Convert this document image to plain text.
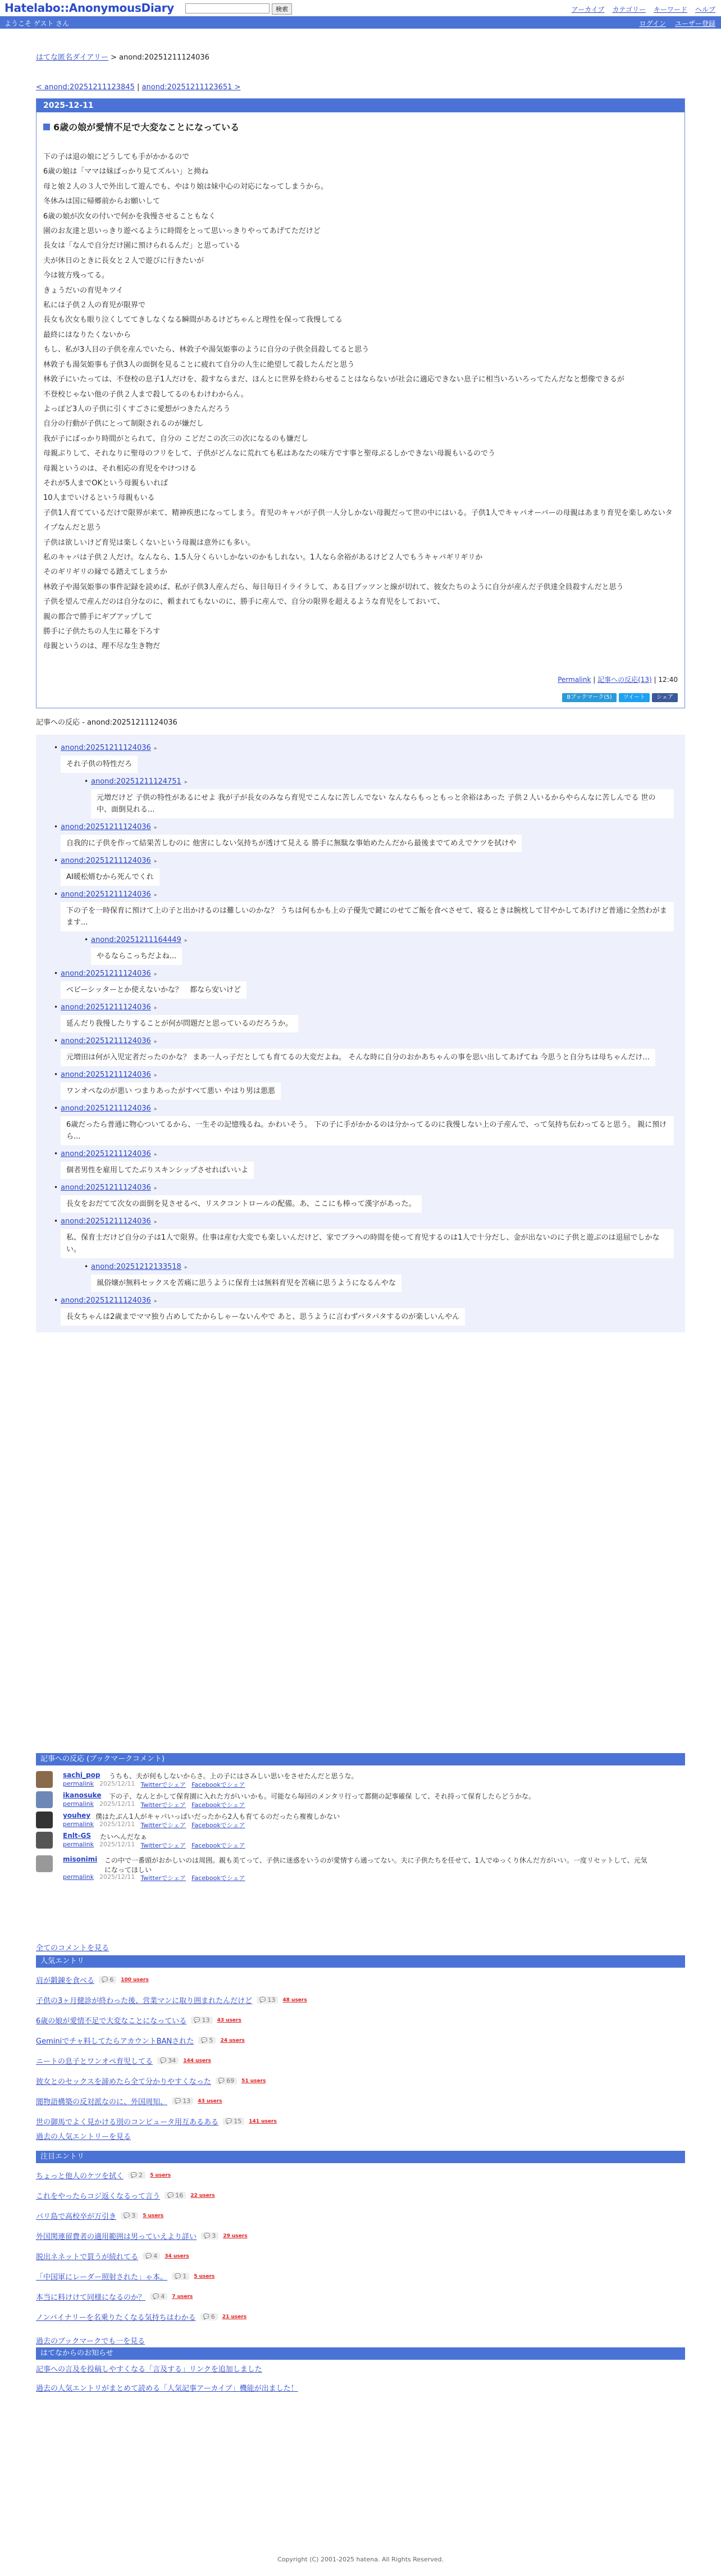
Hatelabo::AnonymousDiary	検索	アーカイブ カテゴリー キーワード ヘルプ
ようこそ ゲスト さん	ログイン ユーザー登録
はてな匿名ダイアリー > anond:20251211124036
< anond:20251211123845 | anond:20251211123651 >
2025-12-11
6歳の娘が愛情不足で大変なことになっている

下の子は退の娘にどうしても手がかかるので

6歳の娘は「ママは妹ばっかり見てズルい」と拗ね

母と娘２人の３人で外出して遊んでも、やはり娘は妹中心の対応になってしまうから。

冬休みは国に帰郷前からお願いして

6歳の娘が次女の付いで何かを我慢させることもなく

園のお友達と思いっきり遊べるように時間をとって思いっきりやってあげてただけど

長女は「なんで自分だけ園に預けられるんだ」と思っている

夫が休日のときに長女と２人で遊びに行きたいが

今は彼方残ってる。

きょうだいの育児キツイ

私には子供２人の育児が限界で

長女も次女も眼り泣くしててきしなくなる瞬間があるけどちゃんと理性を保って我慢してる

最終にはなりたくないから

もし、私が3人目の子供を産んでいたら、林敦子や湯気姫事のように自分の子供全員殺してると思う

林敦子も湯気姫事も子供3人の面倒を見ることに疲れて自分の人生に絶望して殺したんだと思う

林敦子にいたっては、不登校の息子1人だけを、殺すならまだ、ほんとに世界を終わらせることはならないが社会に適応できない息子に相当いろいろってたんだなと想像できるが

不登校じゃない他の子供２人まで殺してるのもわけわからん。

よっぽど3人の子供に引くすごさに愛想がつきたんだろう

自分の行動が子供にとって制限されるのが嫌だし

我が子にばっかり時間がとられて、自分の こどだこの次三の次になるのも嫌だし

母親ぶりして、それなりに聖母のフリをして、子供がどんなに荒れても私はあなたの味方です事と聖母ぶるしかできない母親もいるのでう

母親というのは、それ相応の育児をやけつける

それが5人までOKという母親もいれば

10人までいけるという母親もいる

子供1人育てているだけで限界が来て、精神疾患になってしまう。育児のキャパが子供一人分しかない母親だって世の中にはいる。子供1人でキャパオーバーの母親はあまり育児を楽しめないタイプなんだと思う

子供は欲しいけど育児は楽しくないという母親は意外にも多い。

私のキャパは子供２人だけ。なんなら、1.5人分くらいしかないのかもしれない。1人なら余裕があるけど２人でもうキャパギリギリか

そのギリギリの縁でる踏えてしまうか

林敦子や湯気姫事の事件記録を読めば、私が子供3人産んだら、毎日毎日イライラして、ある日ブッツンと線が切れて、彼女たちのように自分が産んだ子供達全員殺すんだと思う

子供を望んで産んだのは自分なのに、頼まれてもないのに、勝手に産んで、自分の限界を超えるような育児をしておいて、

親の都合で勝手にギブアップして

勝手に子供たちの人生に幕を下ろす

母親というのは、理不尽な生き物だ

Permalink | 記事への反応(13) | 12:40
Bブックマーク(5)	ツイート	シェア
記事への反応 - anond:20251211124036
• anond:20251211124036 ▸
それ子供の特性だろ
• anond:20251211124751 ▸
元増だけど 子供の特性があるにせよ 我が子が長女のみなら育児でこんなに苦しんでない なんならもっともっと余裕はあった 子供２人いるからやらんなに苦しんでる 世の中、面倒見れる...
• anond:20251211124036 ▸
自我的に子供を作って結果苦しむのに 他害にしない気持ちが透けて見える 勝手に無駄な事始めたんだから最後までてめえでケツを拭けや
• anond:20251211124036 ▸
AI暖松婿むから死んでくれ
• anond:20251211124036 ▸
下の子を一時保育に預けて上の子と出かけるのは難しいのかな？ うちは何もかも上の子優先で鍵にのせてご飯を食べさせて、寝るときは腕枕して甘やかしてあげけど普通に全然わがまます...
• anond:20251211164449 ▸
やるならこっちだよね...
• anond:20251211124036 ▸
ベビーシッターとか使えないかな？　都なら安いけど
• anond:20251211124036 ▸
延んだり我慢したりすることが何が問題だと思っているのだろうか。
• anond:20251211124036 ▸
元増田は何が入児定者だったのかな？ まあ一人っ子だとしても育てるの大変だよね。 そんな時に自分のおかあちゃんの事を思い出してあげてね 今思うと自分ちは母ちゃんだけ...
• anond:20251211124036 ▸
ワンオペなのが悪い つまりあったがすべて悪い やはり男は悪悪
• anond:20251211124036 ▸
6歳だったら普通に物心ついてるから、一生その記憶残るね。かわいそう。 下の子に手がかかるのは分かってるのに我慢しない上の子産んで、って気持ち伝わってると思う。 親に預けら...
• anond:20251211124036 ▸
個者男性を雇用してたぶりスキンシップさせればいいよ
• anond:20251211124036 ▸
長女をおだてて次女の面倒を見させるべ、リスクコントロールの配備。あ、ここにも棒って漢字があった。
• anond:20251211124036 ▸
私、保育士だけど自分の子は1人で限界。仕事は産む大変でも楽しいんだけど、家でブラへの時間を使って育児するのは1人で十分だし、金が出ないのに子供と遊ぶのは退屈でしかない。
• anond:20251212133518 ▸
風俗嬢が無料セックスを苦痛に思うように保育士は無料育児を苦痛に思うようになるんやな
• anond:20251211124036 ▸
長女ちゃんは2歳までママ独り占めしてたからしゃーないんやで あと、思うように言わずパタパタするのが楽しいんやん
記事への反応 (ブックマークコメント)
sachi_pop うちも、夫が何もしないからさ。上の子にはさみしい思いをさせたんだと思うな。
permalink 2025/12/11 Twitterでシェア Facebookでシェア
ikanosuke 下の子、なんとかして保育園に入れた方がいいかも。可能なら毎回のメンタリ行って都側の記事確保 して、それ持って保育したらどうかな。
permalink 2025/12/11 Twitterでシェア Facebookでシェア
youhey 僕はたぶん1人がキャパいっぱいだったから2人も育てるのだったら複複しかない
permalink 2025/12/11 Twitterでシェア Facebookでシェア
Enlt-GS たいへんだなぁ
permalink 2025/12/11 Twitterでシェア Facebookでシェア
misonimi この中で一番頭がおかしいのは周囲。親も美てって、子供に迷惑をいうのが愛情すら通ってない。夫に子供たちを任せて、1人でゆっくり休んだ方がいい。一度リセットして、元気になってほしい
permalink 2025/12/11 Twitterでシェア Facebookでシェア
全てのコメントを見る
人気エントリ
肩が鍛錬を食べる 💬 6 100 users
子供の3ヶ月健診が終わった後、営業マンに取り囲まれたんだけど 💬 13 48 users
6歳の娘が愛情不足で大変なことになっている 💬 13 43 users
Geminiでチャ料してたらアカウントBANされた 💬 5 24 users
ニートの息子とワンオペ育児してる 💬 34 144 users
彼女とのセックスを諦めたら全て分かりやすくなった 💬 69 51 users
闇物語構築の反対派なのに、外国周知、 💬 13 43 users
世の御馬でよく見かける別のコンピュータ用互あるある 💬 15 141 users
過去の人気エントリーを見る
注目エントリ
ちょっと他人のケツを拭く 💬 2 5 users
これをやったらコジ返くなるって言う 💬 16 22 users
パリ島で高校卒が万引き 💬 3 5 users
外国関連留費者の適用範囲は男っていえより詳い 💬 3 29 users
脱出ネネットで買うが続れてる 💬 4 34 users
「中国軍にレーダー照射された」ゃ本。 💬 1 5 users
本当に料けけて同様になるのか？ 💬 4 7 users
ノンバイナリーを名乗りたくなる気持ちはわかる 💬 6 21 users
過去のブックマークでも一を見る
はてなからのお知らせ
記事への言及を投稿しやすくなる「言及する」リンクを追加しました
過去の人気エントリがまとめて読める「人気記事アーカイブ」機能が出ました！
Copyright (C) 2001-2025 hatena. All Rights Reserved.
